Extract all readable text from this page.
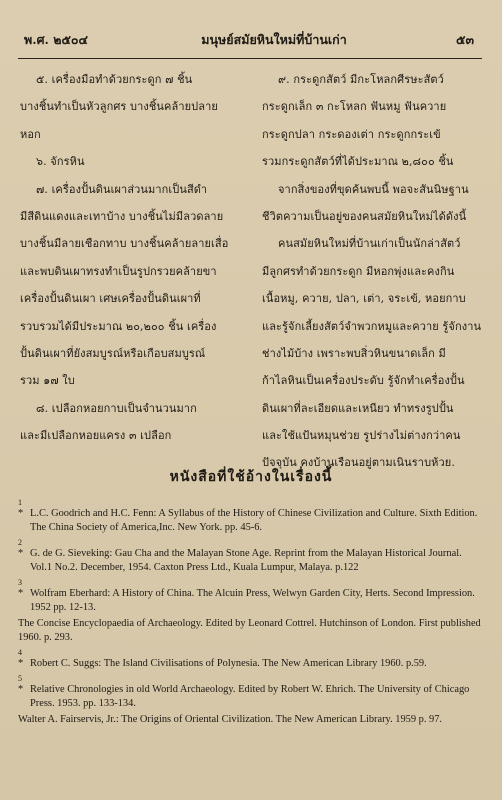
พ.ศ. ๒๕๐๔	มนุษย์สมัยหินใหม่ที่บ้านเก่า	๕๓
๕. เครื่องมือทำด้วยกระดูก ๗ ชิ้น
บางชิ้นทำเป็นหัวลูกศร บางชิ้นคล้ายปลาย
หอก
๖. จักรหิน
๗. เครื่องปั้นดินเผาส่วนมากเป็นสีดำ
มีสีดินแดงและเทาบ้าง บางชิ้นไม่มีลวดลาย
บางชิ้นมีลายเชือกทาบ บางชิ้นคล้ายลายเสื่อ
และพบดินเผาทรงทำเป็นรูปกรวยคล้ายขา
เครื่องปั้นดินเผา เศษเครื่องปั้นดินเผาที่
รวบรวมได้มีประมาณ ๒๐,๒๐๐ ชิ้น เครื่อง
ปั้นดินเผาที่ยังสมบูรณ์หรือเกือบสมบูรณ์
รวม ๑๗ ใบ
๘. เปลือกหอยกาบเป็นจำนวนมาก
และมีเปลือกหอยแครง ๓ เปลือก
๙. กระดูกสัตว์ มีกะโหลกศีรษะสัตว์
กระดูกเล็ก ๓ กะโหลก ฟันหมู ฟันควาย
กระดูกปลา กระดองเต่า กระดูกกระเข้
รวมกระดูกสัตว์ที่ได้ประมาณ ๒,๘๐๐ ชิ้น
จากสิ่งของที่ขุดค้นพบนี้ พอจะสันนิษฐาน
ชีวิตความเป็นอยู่ของคนสมัยหินใหม่ได้ดังนี้
คนสมัยหินใหม่ที่บ้านเก่าเป็นนักล่าสัตว์
มีลูกศรทำด้วยกระดูก มีหอกพุ่งและคงกิน
เนื้อหมู, ควาย, ปลา, เต่า, จระเข้, หอยกาบ
และรู้จักเลี้ยงสัตว์จำพวกหมูและควาย รู้จักงาน
ช่างไม้บ้าง เพราะพบสิ่วหินขนาดเล็ก มี
ก้าไลหินเป็นเครื่องประดับ รู้จักทำเครื่องปั้น
ดินเผาที่ละเอียดและเหนียว ทำทรงรูปปั้น
และใช้แป้นหมุนช่วย รูปร่างไม่ต่างกว่าคน
ปัจจุบัน คงบ้านเรือนอยู่ตามเนินราบห้วย.
หนังสือที่ใช้อ้างในเรื่องนี้
1
* L.C. Goodrich and H.C. Fenn: A Syllabus of the History of Chinese Civilization and Culture. Sixth Edition. The China Society of America,Inc. New York. pp. 45-6.
2
* G. de G. Sieveking: Gau Cha and the Malayan Stone Age. Reprint from the Malayan Historical Journal. Vol.1 No.2. December, 1954. Caxton Press Ltd., Kuala Lumpur, Malaya. p.122
3
* Wolfram Eberhard: A History of China. The Alcuin Press, Welwyn Garden City, Herts. Second Impression. 1952 pp. 12-13.
The Concise Encyclopaedia of Archaeology. Edited by Leonard Cottrel. Hutchinson of London. First published 1960. p. 293.
4
* Robert C. Suggs: The Island Civilisations of Polynesia. The New American Library 1960. p.59.
5
* Relative Chronologies in old World Archaeology. Edited by Robert W. Ehrich. The University of Chicago Press. 1953. pp. 133-134.
Walter A. Fairservis, Jr.: The Origins of Oriental Civilization. The New American Library. 1959 p. 97.
